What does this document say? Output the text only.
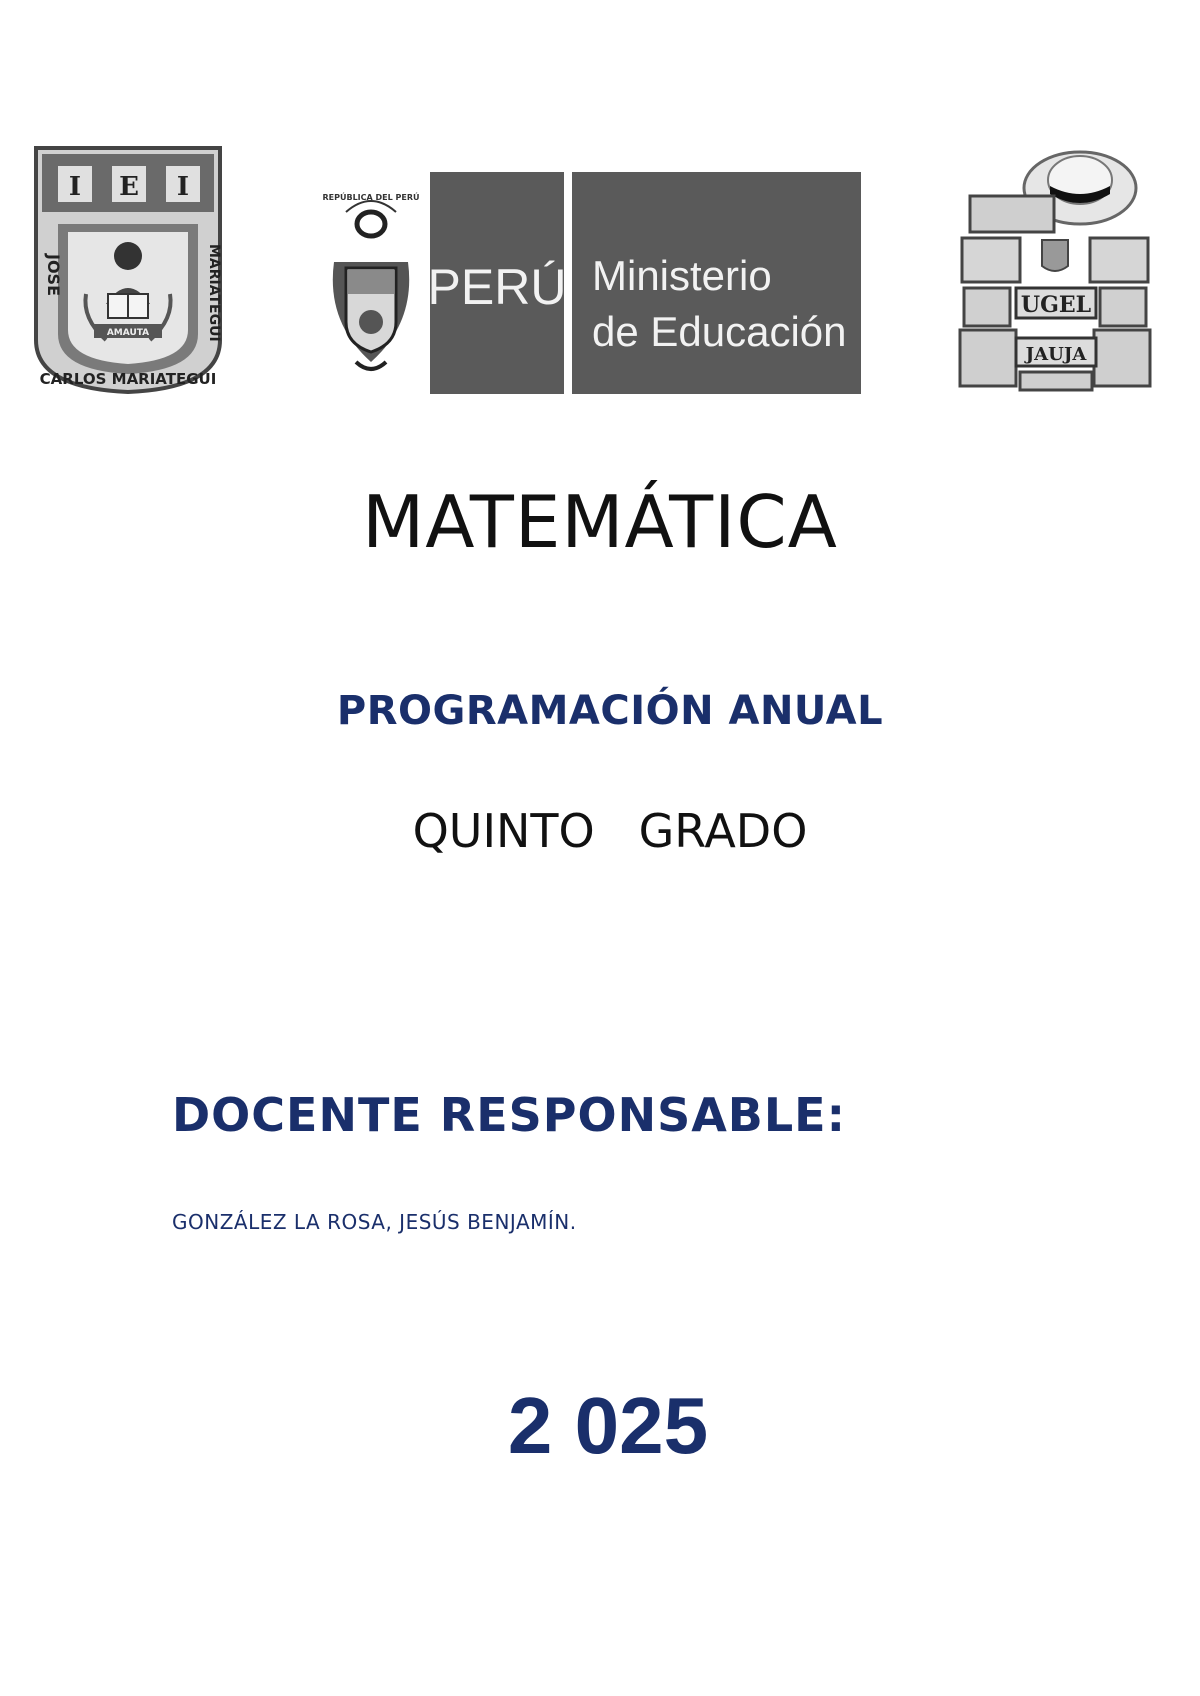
I E I
AMAUTA
JOSE	MARIATEGUI
CARLOS MARIATEGUI
REPÚBLICA DEL PERÚ
PERÚ Ministerio
de Educación
UGEL
JAUJA
MATEMÁTICA
PROGRAMACIÓN ANUAL
QUINTO   GRADO
DOCENTE RESPONSABLE:
GONZÁLEZ LA ROSA, JESÚS BENJAMÍN.
2 025
